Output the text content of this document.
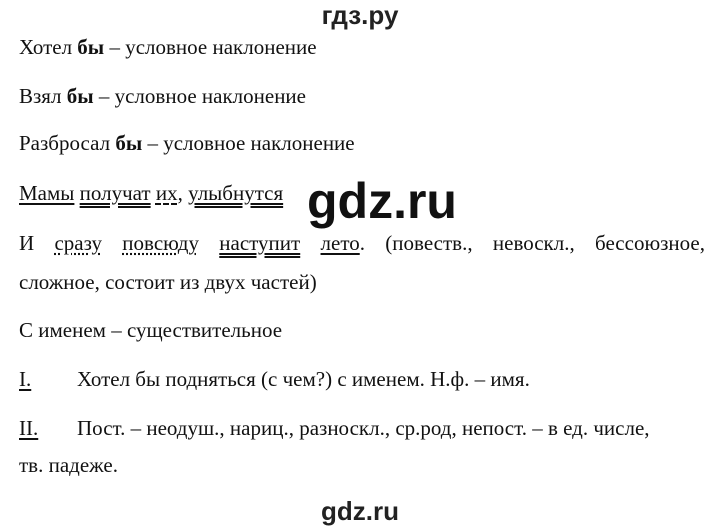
гдз.ру
Хотел бы – условное наклонение
Взял бы – условное наклонение
Разбросал бы – условное наклонение
Мамы получат их, улыбнутся gdz.ru
И сразу повсюду наступит лето. (повеств., невоскл., бессоюзное,
сложное, состоит из двух частей)
С именем – существительное
I. Хотел бы подняться (с чем?) с именем. Н.ф. – имя.
II. Пост. – неодуш., нариц., разноскл., ср.род, непост. – в ед. числе,
тв. падеже.
gdz.ru
